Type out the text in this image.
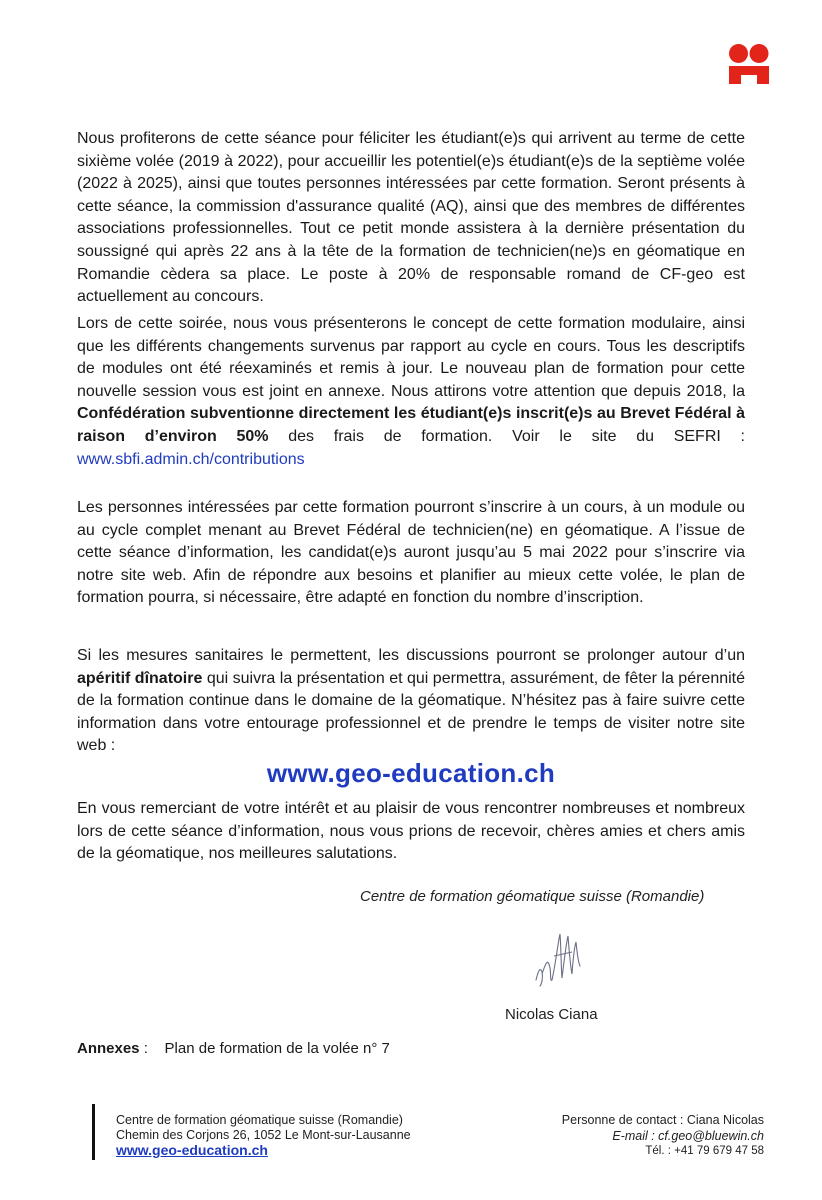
Nous profiterons de cette séance pour féliciter les étudiant(e)s qui arrivent au terme de cette sixième volée (2019 à 2022), pour accueillir les potentiel(e)s étudiant(e)s de la septième volée (2022 à 2025), ainsi que toutes personnes intéressées par cette formation. Seront présents à cette séance, la commission d'assurance qualité (AQ), ainsi que des membres de différentes associations professionnelles. Tout ce petit monde assistera à la dernière présentation du soussigné qui après 22 ans à la tête de la formation de technicien(ne)s en géomatique en Romandie cèdera sa place. Le poste à 20% de responsable romand de CF-geo est actuellement au concours.

Lors de cette soirée, nous vous présenterons le concept de cette formation modulaire, ainsi que les différents changements survenus par rapport au cycle en cours. Tous les descriptifs de modules ont été réexaminés et remis à jour. Le nouveau plan de formation pour cette nouvelle session vous est joint en annexe. Nous attirons votre attention que depuis 2018, la Confédération subventionne directement les étudiant(e)s inscrit(e)s au Brevet Fédéral à raison d’environ 50% des frais de formation. Voir le site du SEFRI : www.sbfi.admin.ch/contributions

Les personnes intéressées par cette formation pourront s’inscrire à un cours, à un module ou au cycle complet menant au Brevet Fédéral de technicien(ne) en géomatique. A l’issue de cette séance d’information, les candidat(e)s auront jusqu’au 5 mai 2022 pour s’inscrire via notre site web. Afin de répondre aux besoins et planifier au mieux cette volée, le plan de formation pourra, si nécessaire, être adapté en fonction du nombre d’inscription.

Si les mesures sanitaires le permettent, les discussions pourront se prolonger autour d’un apéritif dînatoire qui suivra la présentation et qui permettra, assurément, de fêter la pérennité de la formation continue dans le domaine de la géomatique. N’hésitez pas à faire suivre cette information dans votre entourage professionnel et de prendre le temps de visiter notre site web :

www.geo-education.ch

En vous remerciant de votre intérêt et au plaisir de vous rencontrer nombreuses et nombreux lors de cette séance d’information, nous vous prions de recevoir, chères amies et chers amis de la géomatique, nos meilleures salutations.

Centre de formation géomatique suisse (Romandie)
Nicolas Ciana
Annexes : Plan de formation de la volée n° 7
Centre de formation géomatique suisse (Romandie)
Chemin des Corjons 26, 1052 Le Mont-sur-Lausanne
www.geo-education.ch
Personne de contact : Ciana Nicolas
E-mail : cf.geo@bluewin.ch
Tél. : +41 79 679 47 58
